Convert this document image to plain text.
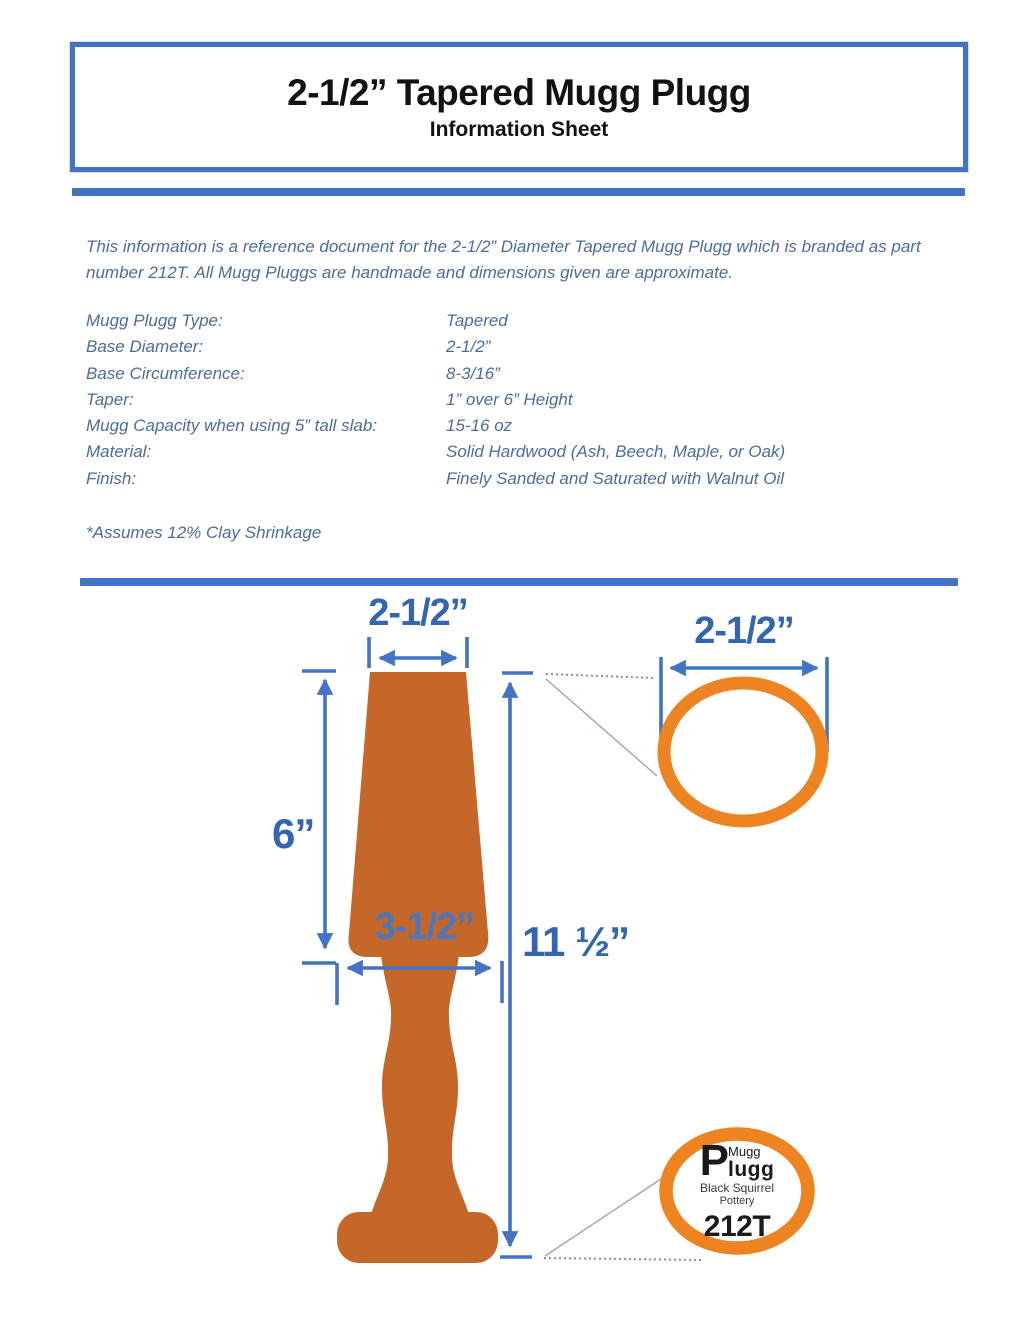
2-1/2” Tapered Mugg Plugg
Information Sheet
This information is a reference document for the 2-1/2” Diameter Tapered Mugg Plugg which is branded as part number 212T. All Mugg Pluggs are handmade and dimensions given are approximate.
Mugg Plugg Type:	Tapered
Base Diameter:	2-1/2”
Base Circumference:	8-3/16”
Taper:	1” over 6” Height
Mugg Capacity when using 5” tall slab:	15-16 oz
Material:	Solid Hardwood (Ash, Beech, Maple, or Oak)
Finish:	Finely Sanded and Saturated with Walnut Oil
*Assumes 12% Clay Shrinkage
2-1/2”	2-1/2”
6”
3-1/2”	11 ½”
P Mugg
lugg
Black Squirrel
Pottery
212T
